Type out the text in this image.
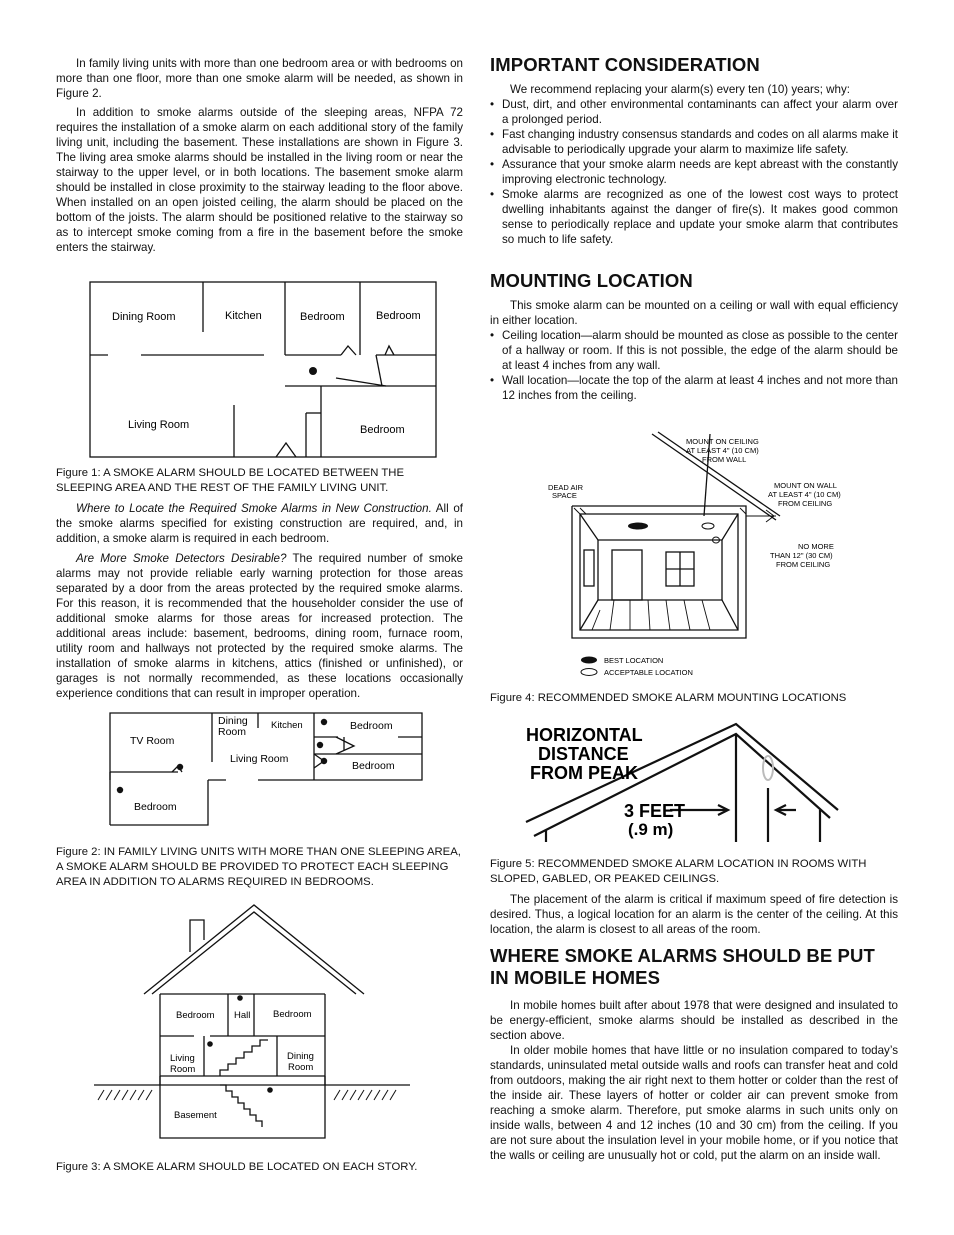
In family living units with more than one bedroom area or with bedrooms on more than one floor, more than one smoke alarm will be needed, as shown in Figure 2.

In addition to smoke alarms outside of the sleeping areas, NFPA 72 requires the installation of a smoke alarm on each additional story of the family living unit, including the basement. These installations are shown in Figure 3. The living area smoke alarms should be installed in the living room or near the stairway to the upper level, or in both locations. The basement smoke alarm should be installed in close proximity to the stairway leading to the floor above. When installed on an open joisted ceiling, the alarm should be placed on the bottom of the joists. The alarm should be positioned relative to the stairway so as to intercept smoke coming from a fire in the basement before the smoke enters the stairway.

Dining Room	Kitchen	Bedroom	Bedroom
Living Room	Bedroom

Figure 1: A SMOKE ALARM SHOULD BE LOCATED BETWEEN THE SLEEPING AREA AND THE REST OF THE FAMILY LIVING UNIT.

Where to Locate the Required Smoke Alarms in New Construction. All of the smoke alarms specified for existing construction are required, and, in addition, a smoke alarm is required in each bedroom.

Are More Smoke Detectors Desirable? The required number of smoke alarms may not provide reliable early warning protection for those areas separated by a door from the areas protected by the required smoke alarms. For this reason, it is recommended that the householder consider the use of additional smoke alarms for those areas for increased protection. The additional areas include: basement, bedrooms, dining room, furnace room, utility room and hallways not protected by the required smoke alarms. The installation of smoke alarms in kitchens, attics (finished or unfinished), or garages is not normally recommended, as these locations occasionally experience conditions that can result in improper operation.

TV Room
Dining
Room
Kitchen	Bedroom
Living Room
Bedroom
Bedroom

Figure 2: IN FAMILY LIVING UNITS WITH MORE THAN ONE SLEEPING AREA, A SMOKE ALARM SHOULD BE PROVIDED TO PROTECT EACH SLEEPING AREA IN ADDITION TO ALARMS REQUIRED IN BEDROOMS.

Bedroom Hall Bedroom
Living
Room
Dining
Room
Basement

Figure 3: A SMOKE ALARM SHOULD BE LOCATED ON EACH STORY.

IMPORTANT CONSIDERATION

We recommend replacing your alarm(s) every ten (10) years; why:

• Dust, dirt, and other environmental contaminants can affect your alarm over a prolonged period.
• Fast changing industry consensus standards and codes on all alarms make it advisable to periodically upgrade your alarm to maximize life safety.
• Assurance that your smoke alarm needs are kept abreast with the constantly improving electronic technology.
• Smoke alarms are recognized as one of the lowest cost ways to protect dwelling inhabitants against the danger of fire(s). It makes good common sense to periodically replace and update your smoke alarm that contributes so much to life safety.
MOUNTING LOCATION

This smoke alarm can be mounted on a ceiling or wall with equal efficiency in either location.

• Ceiling location—alarm should be mounted as close as possible to the center of a hallway or room. If this is not possible, the edge of the alarm should be at least 4 inches from any wall.
• Wall location—locate the top of the alarm at least 4 inches and not more than 12 inches from the ceiling.
MOUNT ON CEILING
AT LEAST 4" (10 CM)
FROM WALL
DEAD AIR
SPACE
MOUNT ON WALL
AT LEAST 4" (10 CM)
FROM CEILING
NO MORE
THAN 12" (30 CM)
FROM CEILING
BEST LOCATION
ACCEPTABLE LOCATION

Figure 4: RECOMMENDED SMOKE ALARM MOUNTING LOCATIONS

HORIZONTAL
DISTANCE
FROM PEAK
3 FEET
(.9 m)

Figure 5: RECOMMENDED SMOKE ALARM LOCATION IN ROOMS WITH SLOPED, GABLED, OR PEAKED CEILINGS.

The placement of the alarm is critical if maximum speed of fire detection is desired. Thus, a logical location for an alarm is the center of the ceiling. At this location, the alarm is closest to all areas of the room.

WHERE SMOKE ALARMS SHOULD BE PUT IN MOBILE HOMES

In mobile homes built after about 1978 that were designed and insulated to be energy-efficient, smoke alarms should be installed as described in the section above.

In older mobile homes that have little or no insulation compared to today’s standards, uninsulated metal outside walls and roofs can transfer heat and cold from outdoors, making the air right next to them hotter or colder than the rest of the inside air. These layers of hotter or colder air can prevent smoke from reaching a smoke alarm. Therefore, put smoke alarms in such units only on inside walls, between 4 and 12 inches (10 and 30 cm) from the ceiling. If you are not sure about the insulation level in your mobile home, or if you notice that the walls or ceiling are unusually hot or cold, put the alarm on an inside wall.
